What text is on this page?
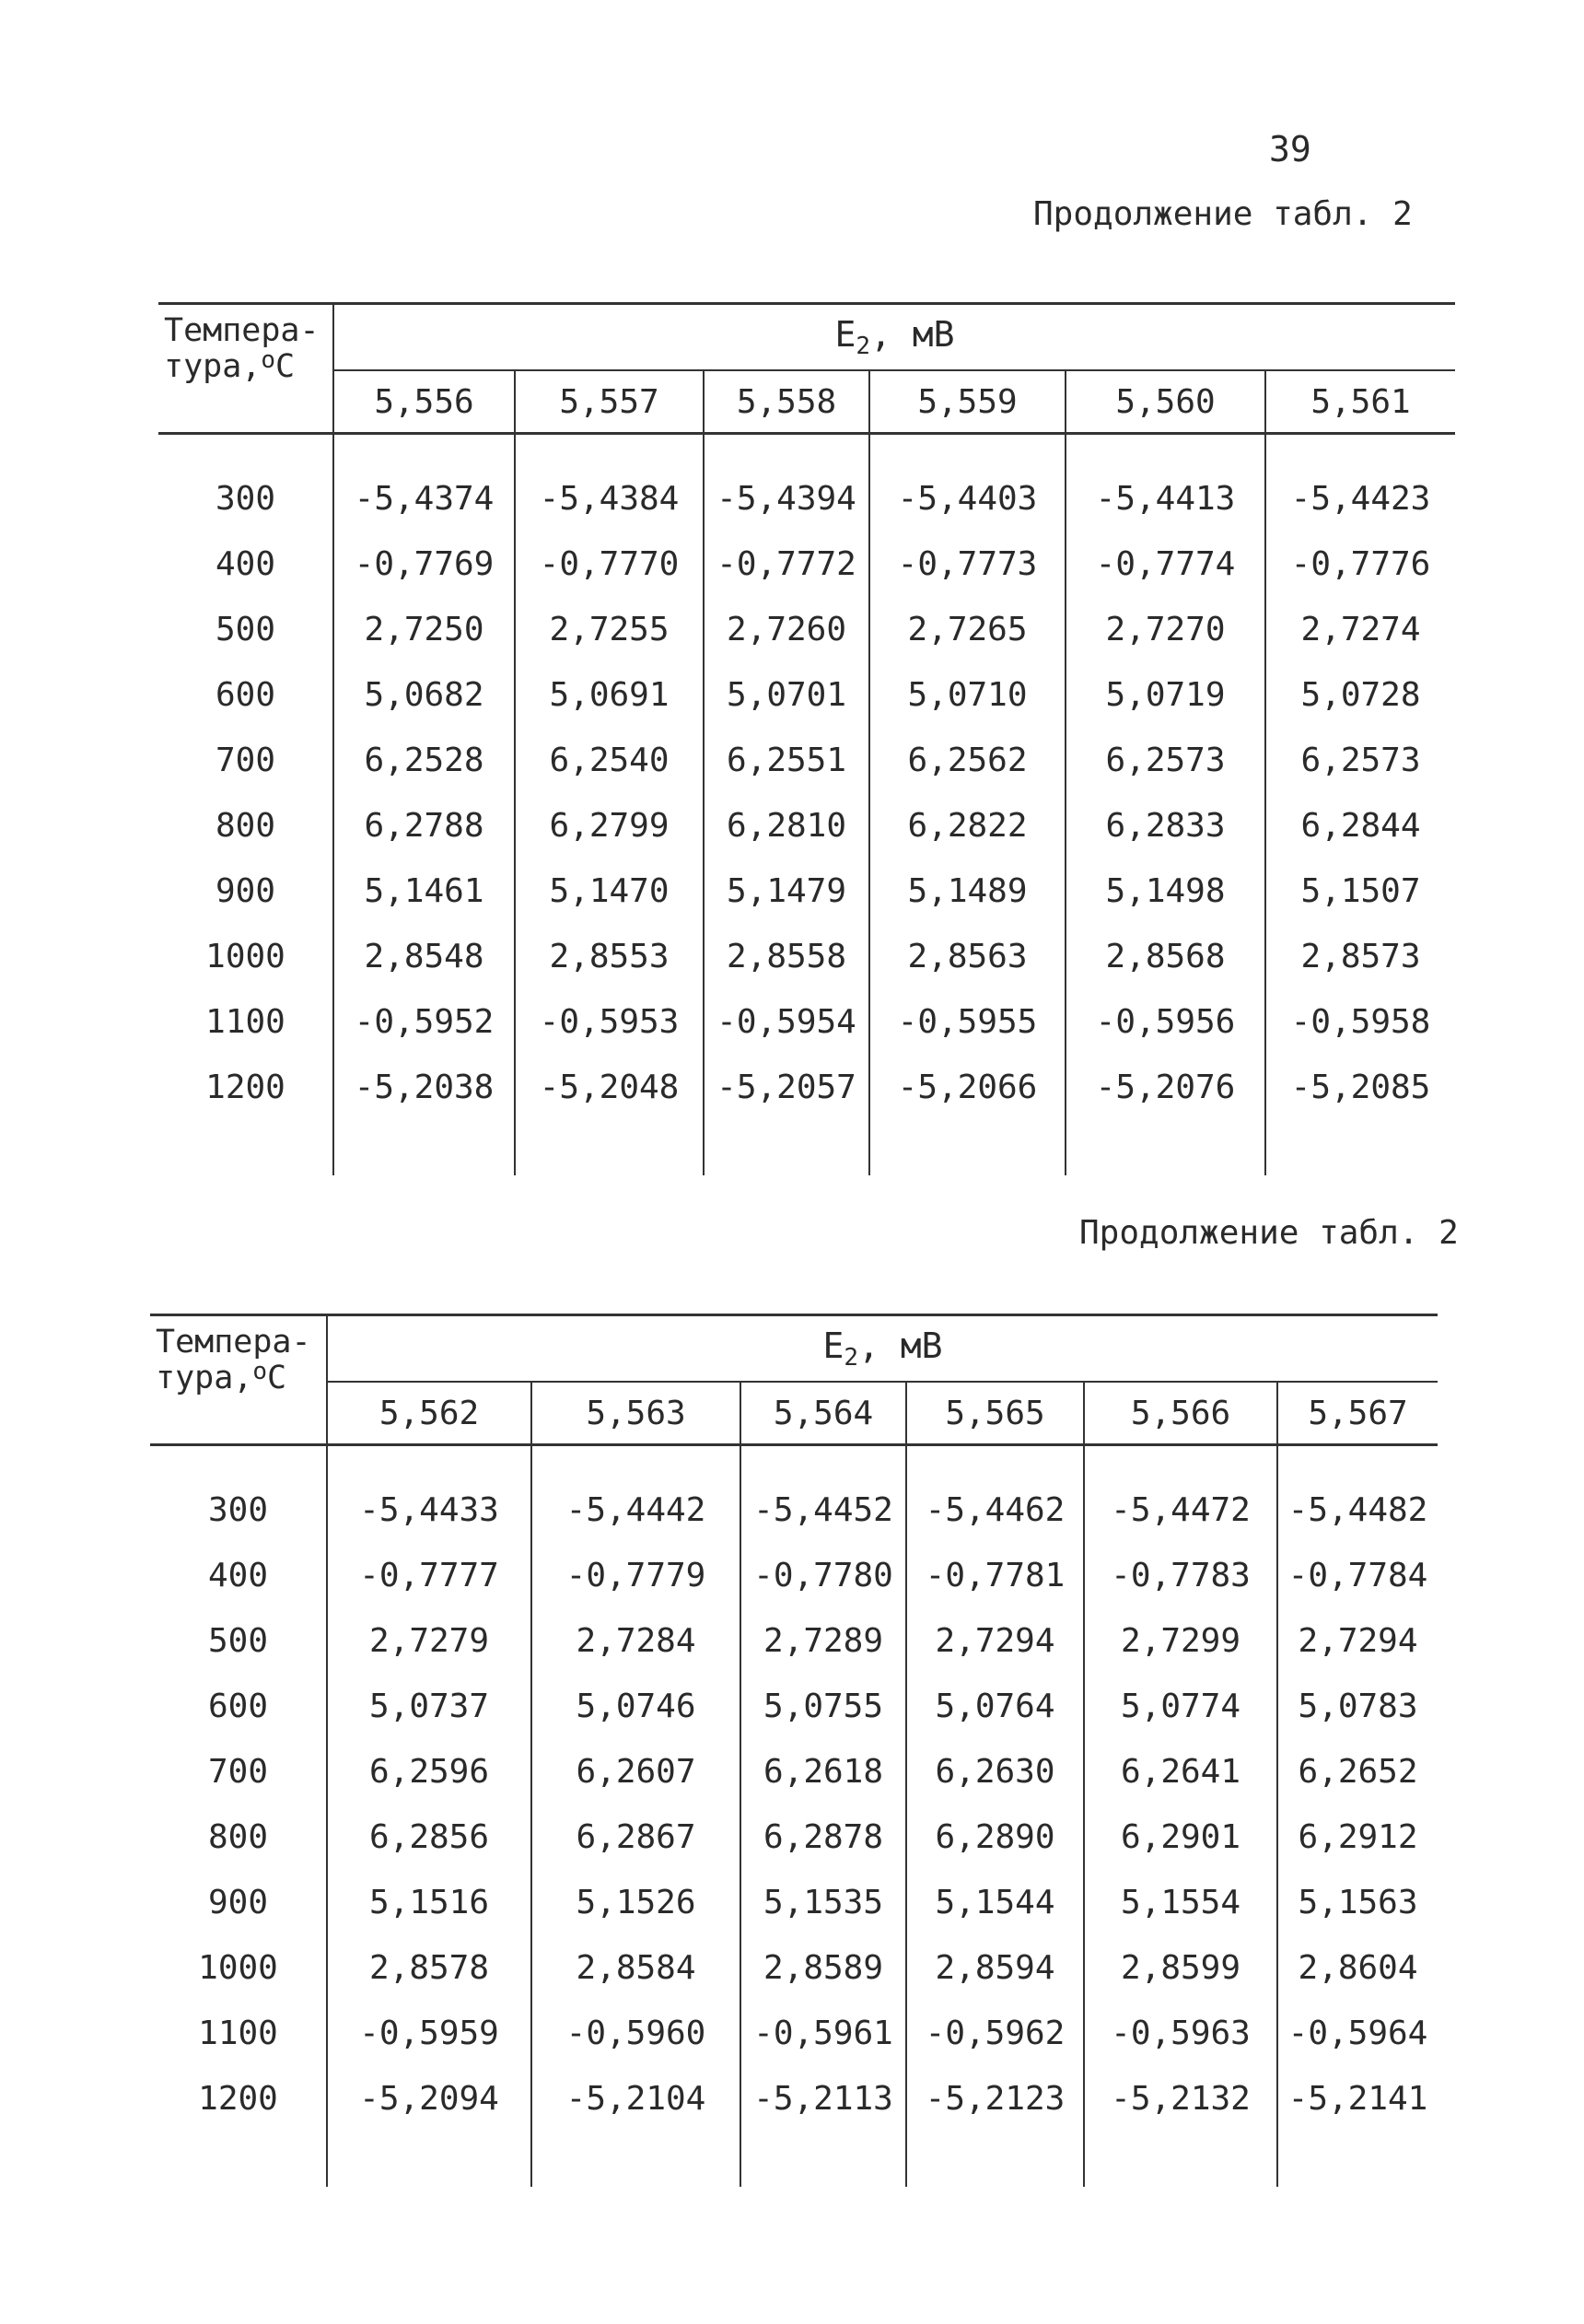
39
Продолжение табл. 2
Продолжение табл. 2
Темпера-
тура,$^o$C	$E_2$, мВ					
	5,556	5,557	5,558	5,559	5,560	5,561

300	-5,4374	-5,4384	-5,4394	-5,4403	-5,4413	-5,4423
400	-0,7769	-0,7770	-0,7772	-0,7773	-0,7774	-0,7776
500	2,7250	2,7255	2,7260	2,7265	2,7270	2,7274
600	5,0682	5,0691	5,0701	5,0710	5,0719	5,0728
700	6,2528	6,2540	6,2551	6,2562	6,2573	6,2573
800	6,2788	6,2799	6,2810	6,2822	6,2833	6,2844
900	5,1461	5,1470	5,1479	5,1489	5,1498	5,1507
1000	2,8548	2,8553	2,8558	2,8563	2,8568	2,8573
1100	-0,5952	-0,5953	-0,5954	-0,5955	-0,5956	-0,5958
1200	-5,2038	-5,2048	-5,2057	-5,2066	-5,2076	-5,2085

Темпера-
тура,$^o$C	$E_2$, мВ					
	5,562	5,563	5,564	5,565	5,566	5,567

300	-5,4433	-5,4442	-5,4452	-5,4462	-5,4472	-5,4482
400	-0,7777	-0,7779	-0,7780	-0,7781	-0,7783	-0,7784
500	2,7279	2,7284	2,7289	2,7294	2,7299	2,7294
600	5,0737	5,0746	5,0755	5,0764	5,0774	5,0783
700	6,2596	6,2607	6,2618	6,2630	6,2641	6,2652
800	6,2856	6,2867	6,2878	6,2890	6,2901	6,2912
900	5,1516	5,1526	5,1535	5,1544	5,1554	5,1563
1000	2,8578	2,8584	2,8589	2,8594	2,8599	2,8604
1100	-0,5959	-0,5960	-0,5961	-0,5962	-0,5963	-0,5964
1200	-5,2094	-5,2104	-5,2113	-5,2123	-5,2132	-5,2141
